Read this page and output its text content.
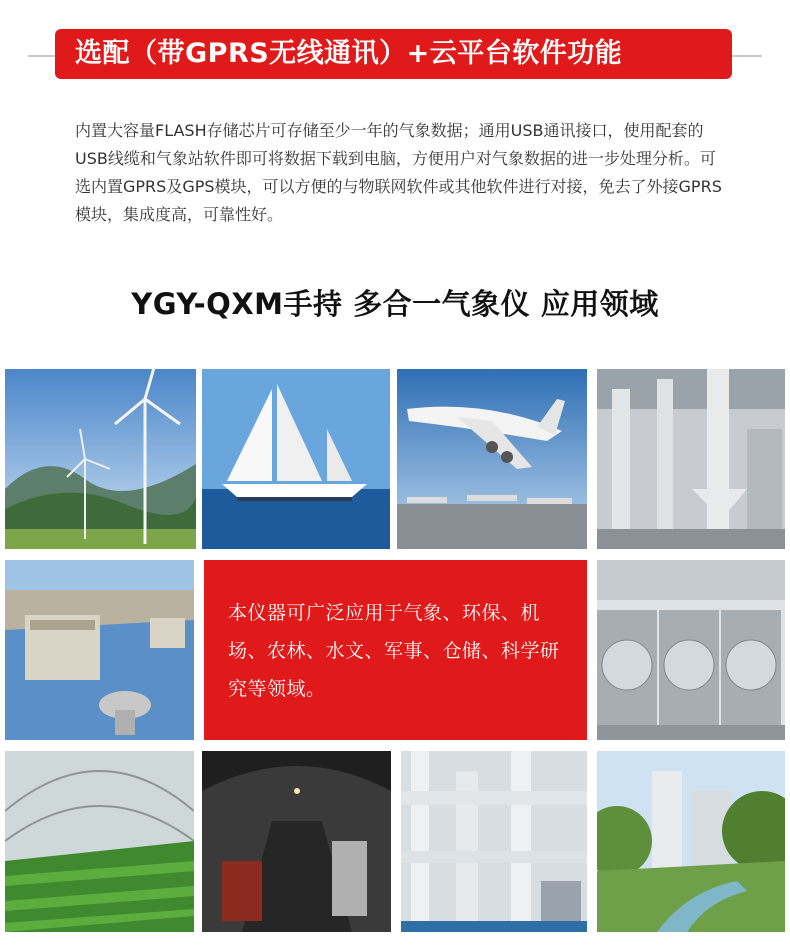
选配（带GPRS无线通讯）+云平台软件功能

内置大容量FLASH存储芯片可存储至少一年的气象数据；通用USB通讯接口，使用配套的USB线缆和气象站软件即可将数据下载到电脑，方便用户对气象数据的进一步处理分析。可选内置GPRS及GPS模块，可以方便的与物联网软件或其他软件进行对接，免去了外接GPRS模块，集成度高，可靠性好。

YGY-QXM手持 多合一气象仪 应用领域

本仪器可广泛应用于气象、环保、机场、农林、水文、军事、仓储、科学研究等领域。
